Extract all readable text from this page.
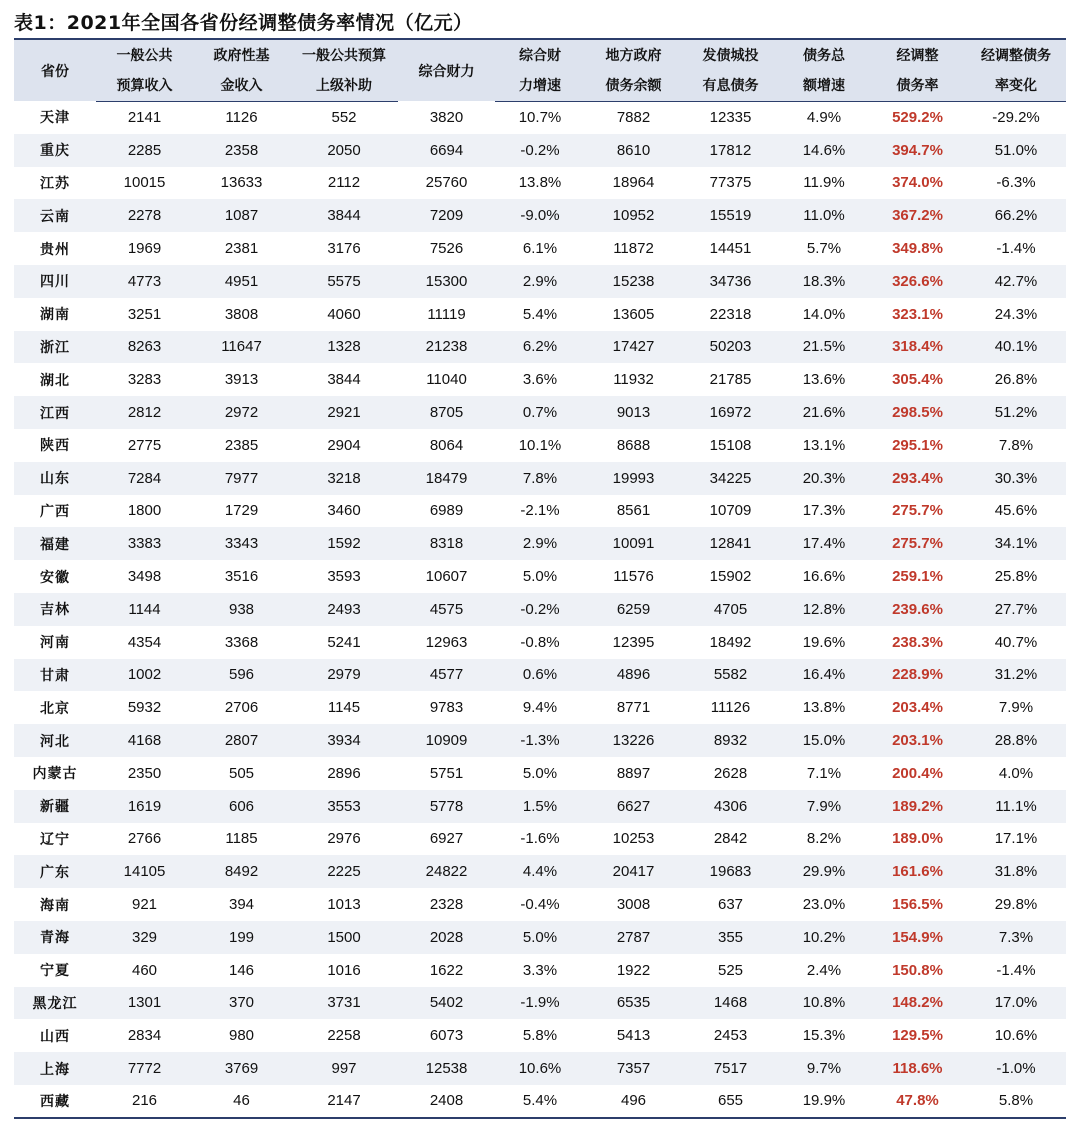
表1：2021年全国各省份经调整债务率情况（亿元）
省份	一般公共	政府性基	一般公共预算	综合财力	综合财	地方政府	发债城投	债务总	经调整	经调整债务
	预算收入	金收入	上级补助		力增速	债务余额	有息债务	额增速	债务率	率变化
天津	2141	1126	552	3820	10.7%	7882	12335	4.9%	529.2%	-29.2%
重庆	2285	2358	2050	6694	-0.2%	8610	17812	14.6%	394.7%	51.0%
江苏	10015	13633	2112	25760	13.8%	18964	77375	11.9%	374.0%	-6.3%
云南	2278	1087	3844	7209	-9.0%	10952	15519	11.0%	367.2%	66.2%
贵州	1969	2381	3176	7526	6.1%	11872	14451	5.7%	349.8%	-1.4%
四川	4773	4951	5575	15300	2.9%	15238	34736	18.3%	326.6%	42.7%
湖南	3251	3808	4060	11119	5.4%	13605	22318	14.0%	323.1%	24.3%
浙江	8263	11647	1328	21238	6.2%	17427	50203	21.5%	318.4%	40.1%
湖北	3283	3913	3844	11040	3.6%	11932	21785	13.6%	305.4%	26.8%
江西	2812	2972	2921	8705	0.7%	9013	16972	21.6%	298.5%	51.2%
陕西	2775	2385	2904	8064	10.1%	8688	15108	13.1%	295.1%	7.8%
山东	7284	7977	3218	18479	7.8%	19993	34225	20.3%	293.4%	30.3%
广西	1800	1729	3460	6989	-2.1%	8561	10709	17.3%	275.7%	45.6%
福建	3383	3343	1592	8318	2.9%	10091	12841	17.4%	275.7%	34.1%
安徽	3498	3516	3593	10607	5.0%	11576	15902	16.6%	259.1%	25.8%
吉林	1144	938	2493	4575	-0.2%	6259	4705	12.8%	239.6%	27.7%
河南	4354	3368	5241	12963	-0.8%	12395	18492	19.6%	238.3%	40.7%
甘肃	1002	596	2979	4577	0.6%	4896	5582	16.4%	228.9%	31.2%
北京	5932	2706	1145	9783	9.4%	8771	11126	13.8%	203.4%	7.9%
河北	4168	2807	3934	10909	-1.3%	13226	8932	15.0%	203.1%	28.8%
内蒙古	2350	505	2896	5751	5.0%	8897	2628	7.1%	200.4%	4.0%
新疆	1619	606	3553	5778	1.5%	6627	4306	7.9%	189.2%	11.1%
辽宁	2766	1185	2976	6927	-1.6%	10253	2842	8.2%	189.0%	17.1%
广东	14105	8492	2225	24822	4.4%	20417	19683	29.9%	161.6%	31.8%
海南	921	394	1013	2328	-0.4%	3008	637	23.0%	156.5%	29.8%
青海	329	199	1500	2028	5.0%	2787	355	10.2%	154.9%	7.3%
宁夏	460	146	1016	1622	3.3%	1922	525	2.4%	150.8%	-1.4%
黑龙江	1301	370	3731	5402	-1.9%	6535	1468	10.8%	148.2%	17.0%
山西	2834	980	2258	6073	5.8%	5413	2453	15.3%	129.5%	10.6%
上海	7772	3769	997	12538	10.6%	7357	7517	9.7%	118.6%	-1.0%
西藏	216	46	2147	2408	5.4%	496	655	19.9%	47.8%	5.8%
